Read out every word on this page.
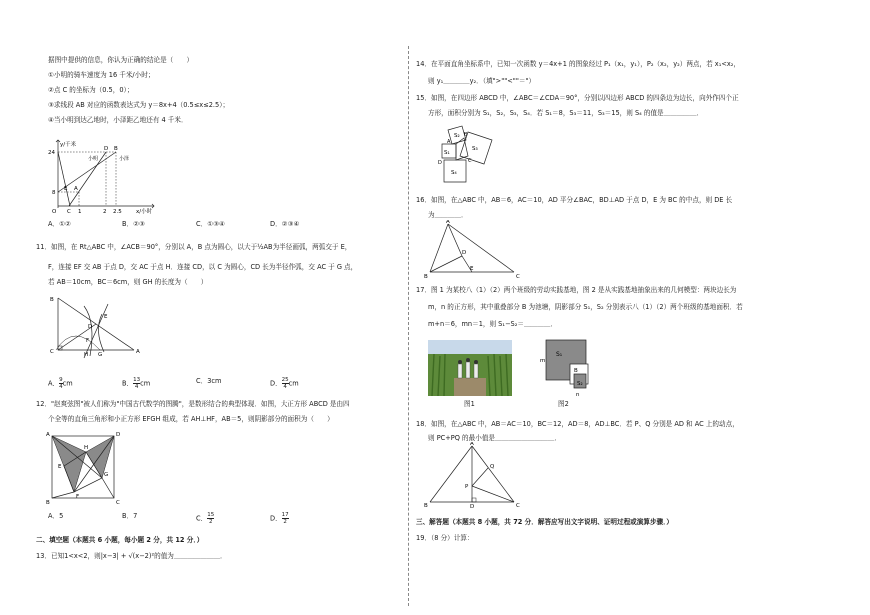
据图中提供的信息，你认为正确的结论是（　　）
①小明的骑车速度为 16 千米/小时；
②点 C 的坐标为（0.5，0）；
③求线段 AB 对应的函数表达式为 y＝8x+4（0.5≤x≤2.5）；
④当小明到达乙地时，小泽距乙地还有 4 千米．
y/千米
x/小时
24
8
O C 1	2 2.5
A
D B
E
小明	小泽
A．①②	B．②③	C．①③④	D．②③④
11．如图，在 Rt△ABC 中，∠ACB＝90°，分别以 A，B 点为圆心，以大于½AB为半径画弧，两弧交于 E，
F，连接 EF 交 AB 于点 D，交 AC 于点 H．连接 CD，以 C 为圆心，CD 长为半径作弧，交 AC 于 G 点，
若 AB＝10cm，BC＝6cm，则 GH 的长度为（　　）
B
C	A
D
E
F
H G
A． $\frac{9}{4}$ cm	B． $\frac{13}{4}$ cm	C．3cm	D． $\frac{25}{4}$ cm
12．"赵爽弦图"被人们称为"中国古代数学的图腾"，是数形结合的典型体现．如图，大正方形 ABCD 是由四
个全等的直角三角形和小正方形 EFGH 组成，若 AH⊥HF，AB＝5，则阴影部分的面积为（　　）
A	D
B	C
E
F
G
H
A．5	B．7	C． $\frac{15}{2}$	D． $\frac{17}{2}$
二、填空题（本题共 6 小题，每小题 2 分，共 12 分．）
13．已知1<x<2，则|x−3| + √(x−2)²的值为＿＿＿＿＿＿＿．
14．在平面直角坐标系中，已知一次函数 y＝4x+1 的图象经过 P₁（x₁，y₁），P₂（x₂，y₂）两点，若 x₁<x₂，
则 y₁＿＿＿＿y₂．（填">""<""＝"）
15．如图，在四边形 ABCD 中，∠ABC＝∠CDA＝90°，分别以四边形 ABCD 的四条边为边长，向外作四个正
方形，面积分别为 S₁，S₂，S₃，S₄．若 S₁＝8，S₃＝11，S₃＝15，则 S₄ 的值是＿＿＿＿＿．
S₁
S₂
S₃
S₄
A
B
C
D
16．如图，在△ABC 中，AB＝6，AC＝10，AD 平分∠BAC，BD⊥AD 于点 D，E 为 BC 的中点，则 DE 长
为＿＿＿＿．
A
B	C
D
E
17．图 1 为某校八（1）（2）两个班级的劳动实践基地，图 2 是从实践基地抽象出来的几何模型：两块边长为
m，n 的正方形，其中重叠部分 B 为池塘，阴影部分 S₁，S₂ 分别表示八（1）（2）两个班级的基地面积．若
m+n＝6，mn＝1，则 S₁−S₂＝＿＿＿＿．
图1
m
n
S₁
B
S₂
图2
18．如图，在△ABC 中，AB＝AC＝10，BC＝12，AD＝8，AD⊥BC．若 P、Q 分别是 AD 和 AC 上的动点，
则 PC+PQ 的最小值是＿＿＿＿＿＿＿＿＿．
A
B	C
D
P
Q
三、解答题（本题共 8 小题，共 72 分．解答应写出文字说明、证明过程或演算步骤．）
19．（8 分）计算：
